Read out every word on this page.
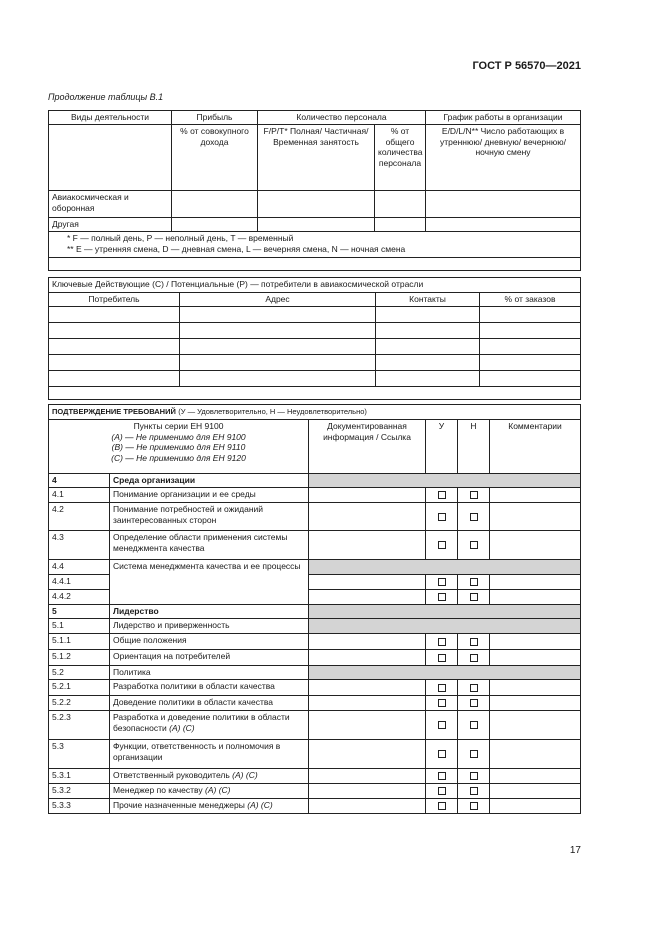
ГОСТ Р 56570—2021
Продолжение таблицы В.1
Виды деятельности	Прибыль	Количество персонала		График работы в организации
	% от совокупного дохода	F/P/T* Полная/ Частичная/ Временная занятость	% от общего количества персонала	E/D/L/N** Число работающих в утреннюю/ дневную/ вечернюю/ ночную смену
Авиакосмическая и оборонная				
Другая				

* F — полный день, P — неполный день, T — временный
** E — утренняя смена, D — дневная смена, L — вечерняя смена, N — ночная смена				

Ключевые Действующие (С) / Потенциальные (Р) — потребители в авиакосмической отрасли			
Потребитель	Адрес	Контакты	% от заказов

ПОДТВЕРЖДЕНИЕ ТРЕБОВАНИЙ (У — Удовлетворительно, Н — Неудовлетворительно)					

Пункты серии ЕН 9100
(А) — Не применимо для ЕН 9100
(В) — Не применимо для ЕН 9110
(С) — Не применимо для ЕН 9120		Документированная информация / Ссылка	У	Н	Комментарии
4	Среда организации				
4.1	Понимание организации и ее среды				
4.2	Понимание потребностей и ожиданий заинтересованных сторон				
4.3	Определение области применения системы менеджмента качества				
4.4	Система менеджмента качества и ее процессы				
4.4.1					
4.4.2					
5	Лидерство				
5.1	Лидерство и приверженность				
5.1.1	Общие положения				
5.1.2	Ориентация на потребителей				
5.2	Политика				
5.2.1	Разработка политики в области качества				
5.2.2	Доведение политики в области качества				
5.2.3	Разработка и доведение политики в области безопасности (А) (С)				
5.3	Функции, ответственность и полномочия в организации				
5.3.1	Ответственный руководитель (А) (С)				
5.3.2	Менеджер по качеству (А) (С)				
5.3.3	Прочие назначенные менеджеры (А) (С)				
17
